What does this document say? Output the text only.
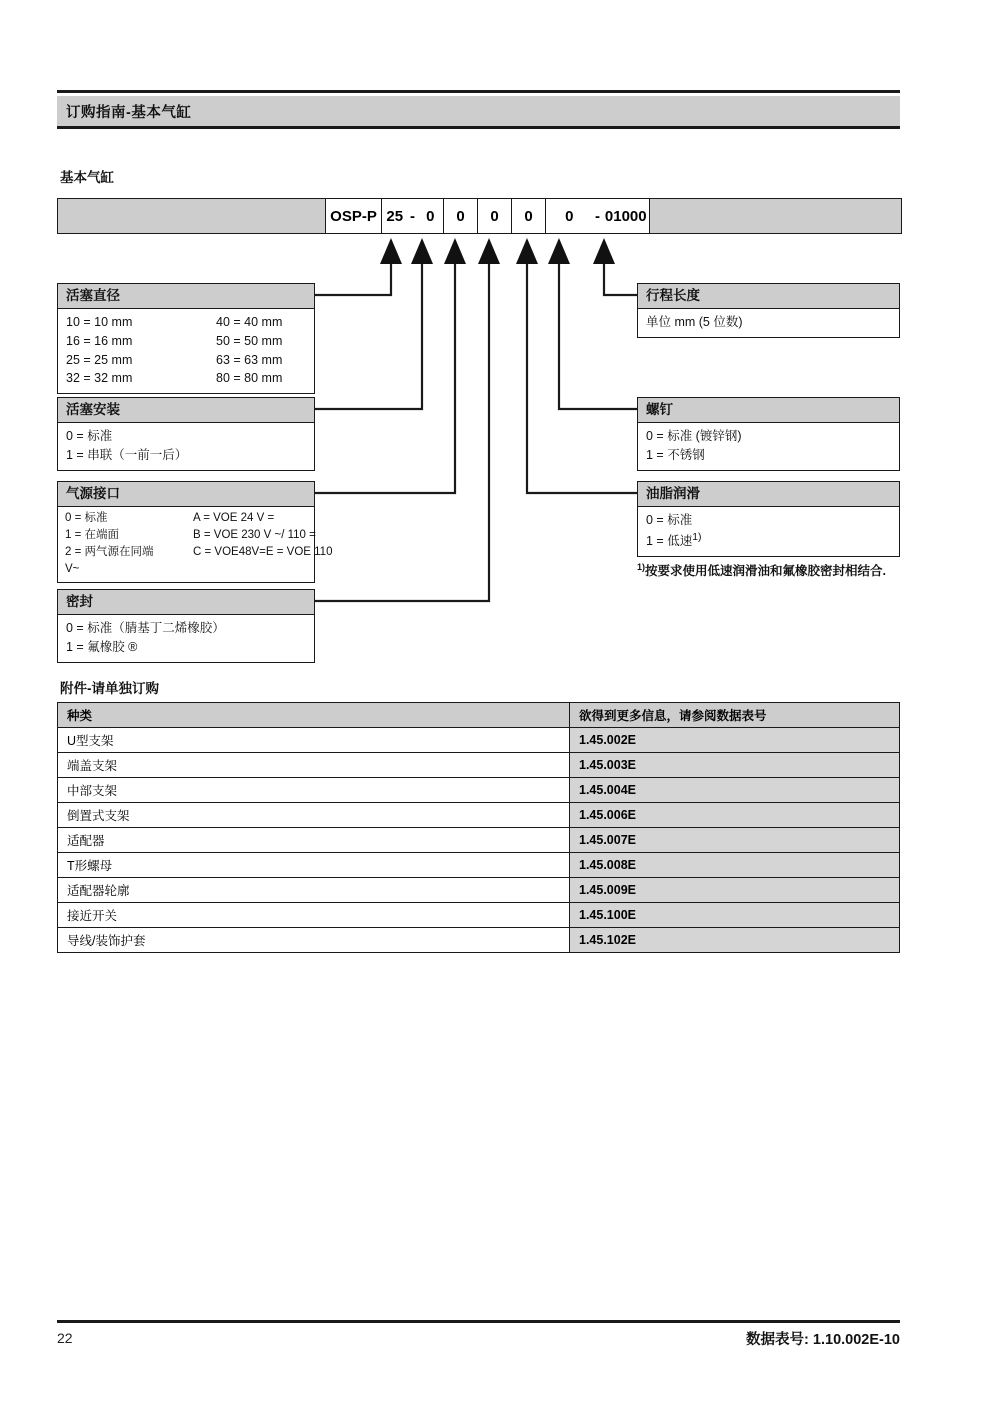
订购指南-基本气缸
基本气缸
OSP-P 25 - 0	0	0	0	0	- 01000
活塞直径
10 = 10 mm	40 = 40 mm
16 = 16 mm	50 = 50 mm
25 = 25 mm	63 = 63 mm
32 = 32 mm	80 = 80 mm
活塞安装
0 = 标准
1 = 串联（一前一后）
气源接口
0 = 标准	A = VOE 24 V =
1 = 在端面	B = VOE 230 V ~/ 110 =
2 = 两气源在同端	C = VOE48V=E = VOE 110
V~
密封
0 = 标准（腈基丁二烯橡胶）
1 = 氟橡胶 ®
行程长度
单位 mm (5 位数)
螺钉
0 = 标准 (镀锌钢)
1 = 不锈钢
油脂润滑
0 = 标准
1 = 低速$^{1)}$
$^{1)}$按要求使用低速润滑油和氟橡胶密封相结合.
附件-请单独订购
种类	欲得到更多信息，请参阅数据表号
U型支架	1.45.002E
端盖支架	1.45.003E
中部支架	1.45.004E
倒置式支架	1.45.006E
适配器	1.45.007E
T形螺母	1.45.008E
适配器轮廓	1.45.009E
接近开关	1.45.100E
导线/装饰护套	1.45.102E
22	数据表号: 1.10.002E-10
